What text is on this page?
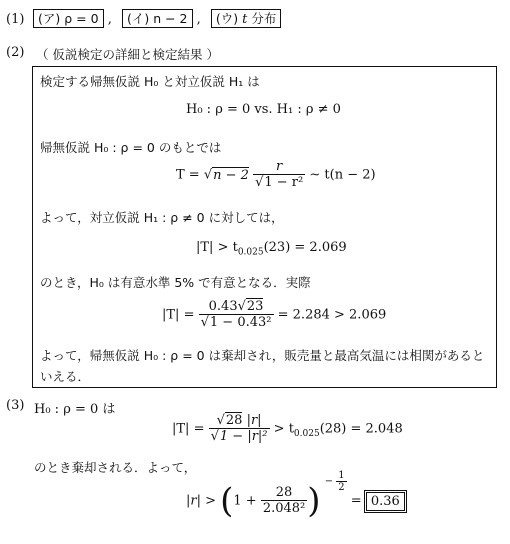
(1)	(ア) ρ = 0 , (イ) n − 2 , (ウ) t 分布
(2) （ 仮説検定の詳細と検定結果 ）
検定する帰無仮説 H₀ と対立仮説 H₁ は
H₀ : ρ = 0 vs. H₁ : ρ ≠ 0
帰無仮説 H₀ : ρ = 0 のもとでは
$T = √n - 2 \frac{r}{\text{√1 − r²}}$ ∼ t(n − 2)
よって，対立仮説 H₁ : ρ ≠ 0 に対しては，
$|T| > t_{0.025}(23) = 2.069$
のとき，H₀ は有意水準 5% で有意となる．実際
$|T| = \frac{0.43√23}{\text{√1 − 0.43²}} = 2.284 > 2.069$
よって，帰無仮説 H₀ : ρ = 0 は棄却され，販売量と最高気温には相関があると
いえる．
(3) H₀ : ρ = 0 は
$|T| = \frac{√28 |r|}{\text{√1 − |r|²}} > t_{0.025}(28) = 2.048$
のとき棄却される．よって，
$|r| > (1 + \frac{28}{\text{2.048²}}$ ) − $\frac{1}{2}$
= 0.36
